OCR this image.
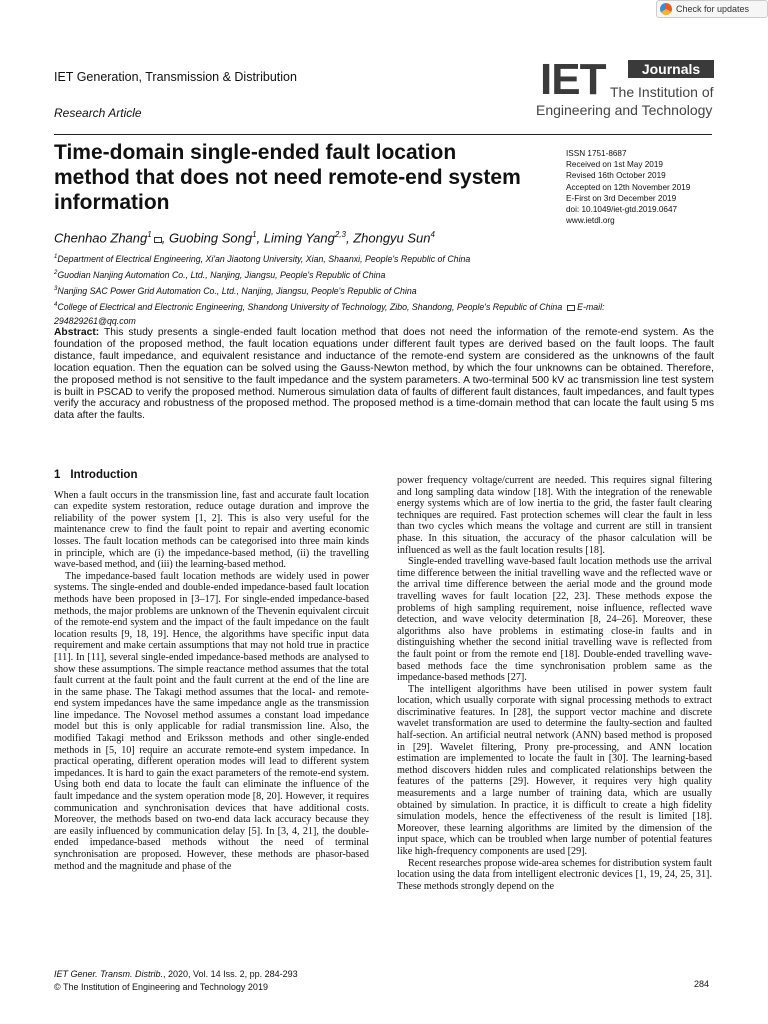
Check for updates
IET Generation, Transmission & Distribution
Research Article
IET	Journals
The Institution of
Engineering and Technology
Time-domain single-ended fault location method that does not need remote-end system information
ISSN 1751-8687
Received on 1st May 2019
Revised 16th October 2019
Accepted on 12th November 2019
E-First on 3rd December 2019
doi: 10.1049/iet-gtd.2019.0647
www.ietdl.org
Chenhao Zhang$^1$ , Guobing Song$^1$, Liming Yang$^{2,3}$, Zhongyu Sun$^4$
$^1$Department of Electrical Engineering, Xi'an Jiaotong University, Xian, Shaanxi, People's Republic of China
$^2$Guodian Nanjing Automation Co., Ltd., Nanjing, Jiangsu, People's Republic of China
$^3$Nanjing SAC Power Grid Automation Co., Ltd., Nanjing, Jiangsu, People's Republic of China
$^4$College of Electrical and Electronic Engineering, Shandong University of Technology, Zibo, Shandong, People's Republic of China E-mail: 294829261@qq.com
Abstract: This study presents a single-ended fault location method that does not need the information of the remote-end system. As the foundation of the proposed method, the fault location equations under different fault types are derived based on the fault loops. The fault distance, fault impedance, and equivalent resistance and inductance of the remote-end system are considered as the unknowns of the fault location equation. Then the equation can be solved using the Gauss-Newton method, by which the four unknowns can be obtained. Therefore, the proposed method is not sensitive to the fault impedance and the system parameters. A two-terminal 500 kV ac transmission line test system is built in PSCAD to verify the proposed method. Numerous simulation data of faults of different fault distances, fault impedances, and fault types verify the accuracy and robustness of the proposed method. The proposed method is a time-domain method that can locate the fault using 5 ms data after the faults.
1 Introduction

When a fault occurs in the transmission line, fast and accurate fault location can expedite system restoration, reduce outage duration and improve the reliability of the power system [1, 2]. This is also very useful for the maintenance crew to find the fault point to repair and averting economic losses. The fault location methods can be categorised into three main kinds in principle, which are (i) the impedance-based method, (ii) the travelling wave-based method, and (iii) the learning-based method.

The impedance-based fault location methods are widely used in power systems. The single-ended and double-ended impedance-based fault location methods have been proposed in [3–17]. For single-ended impedance-based methods, the major problems are unknown of the Thevenin equivalent circuit of the remote-end system and the impact of the fault impedance on the fault location results [9, 18, 19]. Hence, the algorithms have specific input data requirement and make certain assumptions that may not hold true in practice [11]. In [11], several single-ended impedance-based methods are analysed to show these assumptions. The simple reactance method assumes that the total fault current at the fault point and the fault current at the end of the line are in the same phase. The Takagi method assumes that the local- and remote-end system impedances have the same impedance angle as the transmission line impedance. The Novosel method assumes a constant load impedance model but this is only applicable for radial transmission line. Also, the modified Takagi method and Eriksson methods and other single-ended methods in [5, 10] require an accurate remote-end system impedance. In practical operating, different operation modes will lead to different system impedances. It is hard to gain the exact parameters of the remote-end system. Using both end data to locate the fault can eliminate the influence of the fault impedance and the system operation mode [8, 20]. However, it requires communication and synchronisation devices that have additional costs. Moreover, the methods based on two-end data lack accuracy because they are easily influenced by communication delay [5]. In [3, 4, 21], the double-ended impedance-based methods without the need of terminal synchronisation are proposed. However, these methods are phasor-based method and the magnitude and phase of the

power frequency voltage/current are needed. This requires signal filtering and long sampling data window [18]. With the integration of the renewable energy systems which are of low inertia to the grid, the faster fault clearing techniques are required. Fast protection schemes will clear the fault in less than two cycles which means the voltage and current are still in transient phase. In this situation, the accuracy of the phasor calculation will be influenced as well as the fault location results [18].

Single-ended travelling wave-based fault location methods use the arrival time difference between the initial travelling wave and the reflected wave or the arrival time difference between the aerial mode and the ground mode travelling waves for fault location [22, 23]. These methods expose the problems of high sampling requirement, noise influence, reflected wave detection, and wave velocity determination [8, 24–26]. Moreover, these algorithms also have problems in estimating close-in faults and in distinguishing whether the second initial travelling wave is reflected from the fault point or from the remote end [18]. Double-ended travelling wave-based methods face the time synchronisation problem same as the impedance-based methods [27].

The intelligent algorithms have been utilised in power system fault location, which usually corporate with signal processing methods to extract discriminative features. In [28], the support vector machine and discrete wavelet transformation are used to determine the faulty-section and faulted half-section. An artificial neutral network (ANN) based method is proposed in [29]. Wavelet filtering, Prony pre-processing, and ANN location estimation are implemented to locate the fault in [30]. The learning-based method discovers hidden rules and complicated relationships between the features of the patterns [29]. However, it requires very high quality measurements and a large number of training data, which are usually obtained by simulation. In practice, it is difficult to create a high fidelity simulation models, hence the effectiveness of the result is limited [18]. Moreover, these learning algorithms are limited by the dimension of the input space, which can be troubled when large number of potential features like high-frequency components are used [29].

Recent researches propose wide-area schemes for distribution system fault location using the data from intelligent electronic devices [1, 19, 24, 25, 31]. These methods strongly depend on the

IET Gener. Transm. Distrib., 2020, Vol. 14 Iss. 2, pp. 284-293
© The Institution of Engineering and Technology 2019	284
